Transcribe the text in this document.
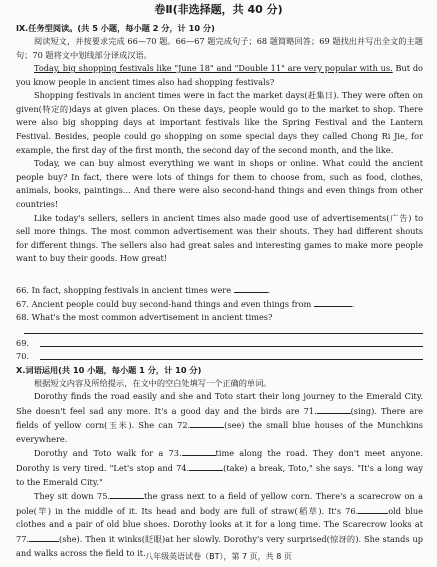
卷Ⅱ(非选择题，共 40 分)
Ⅸ.任务型阅读。(共 5 小题，每小题 2 分，计 10 分)

阅读短文，并按要求完成 66—70 题。66—67 题完成句子；68 题简略回答；69 题找出并写出全文的主题句；70 题将文中划线部分译成汉语。

Today, big shopping festivals like "June 18" and "Double 11" are very popular with us. But do you know people in ancient times also had shopping festivals?

Shopping festivals in ancient times were in fact the market days(赶集日). They were often on given(特定的)days at given places. On these days, people would go to the market to shop. There were also big shopping days at important festivals like the Spring Festival and the Lantern Festival. Besides, people could go shopping on some special days they called Chong Ri Jie, for example, the first day of the first month, the second day of the second month, and the like.

Today, we can buy almost everything we want in shops or online. What could the ancient people buy? In fact, there were lots of things for them to choose from, such as food, clothes, animals, books, paintings... And there were also second-hand things and even things from other countries!

Like today's sellers, sellers in ancient times also made good use of advertisements(广告) to sell more things. The most common advertisement was their shouts. They had different shouts for different things. The sellers also had great sales and interesting games to make more people want to buy their goods. How great!

66. In fact, shopping festivals in ancient times were	.
67. Ancient people could buy second-hand things and even things from	.
68. What's the most common advertisement in ancient times?
69.
70.
Ⅹ.词语运用(共 10 小题，每小题 1 分，计 10 分)

根据短文内容及所给提示，在文中的空白处填写一个正确的单词。

Dorothy finds the road easily and she and Toto start their long journey to the Emerald City. She doesn't feel sad any more. It's a good day and the birds are 71.	(sing). There are fields of yellow corn(玉米). She can 72.	(see) the small blue houses of the Munchkins everywhere.

Dorothy and Toto walk for a 73.	time along the road. They don't meet anyone. Dorothy is very tired. "Let's stop and 74.	(take) a break, Toto," she says. "It's a long way to the Emerald City."

They sit down 75.	the grass next to a field of yellow corn. There's a scarecrow on a pole(竿) in the middle of it. Its head and body are full of straw(稻草). It's 76.	old blue clothes and a pair of old blue shoes. Dorothy looks at it for a long time. The Scarecrow looks at 77.	(she). Then it winks(眨眼)at her slowly. Dorothy's very surprised(惊讶的). She stands up and walks across the field to it. 八年级英语试卷（BT），第 7 页，共 8 页
